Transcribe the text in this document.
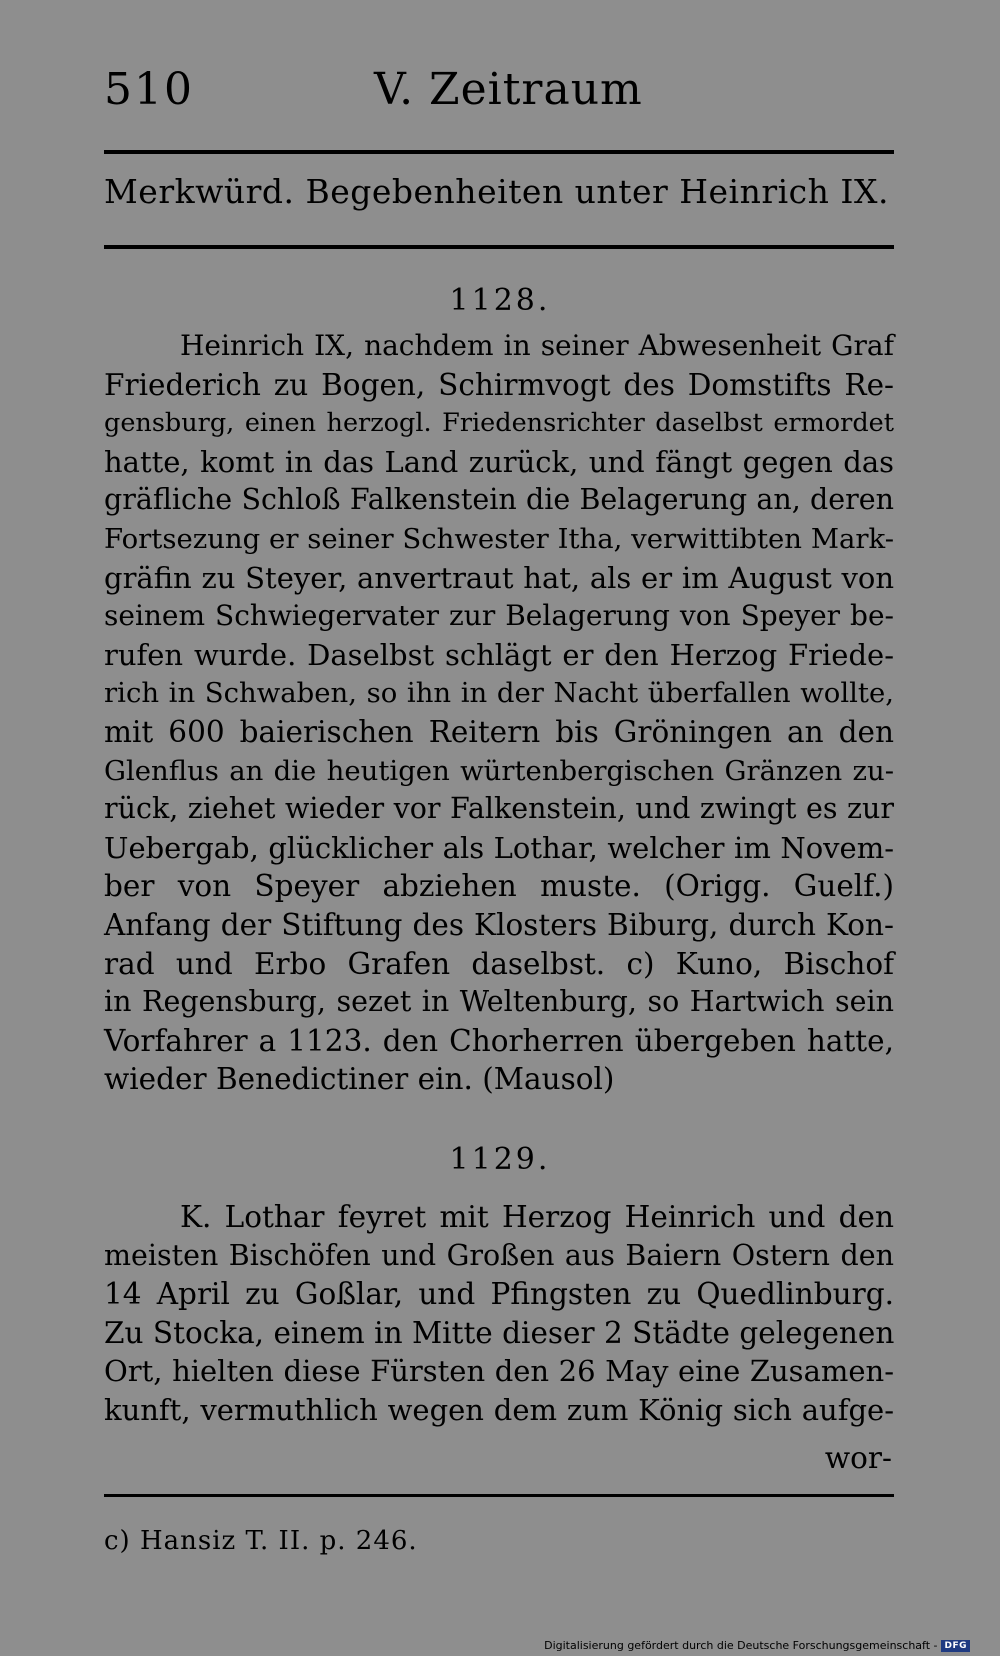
510	V. Zeitraum
Merkwürd. Begebenheiten unter Heinrich IX.
1128.
Heinrich IX, nachdem in seiner Abwesenheit Graf
Friederich zu Bogen, Schirmvogt des Domstifts Re-
gensburg, einen herzogl. Friedensrichter daselbst ermordet
hatte, komt in das Land zurück, und fängt gegen das
gräfliche Schloß Falkenstein die Belagerung an, deren
Fortsezung er seiner Schwester Itha, verwittibten Mark-
gräfin zu Steyer, anvertraut hat, als er im August von
seinem Schwiegervater zur Belagerung von Speyer be-
rufen wurde. Daselbst schlägt er den Herzog Friede-
rich in Schwaben, so ihn in der Nacht überfallen wollte,
mit 600 baierischen Reitern bis Gröningen an den
Glenflus an die heutigen würtenbergischen Gränzen zu-
rück, ziehet wieder vor Falkenstein, und zwingt es zur
Uebergab, glücklicher als Lothar, welcher im Novem-
ber von Speyer abziehen muste. (Origg. Guelf.)
Anfang der Stiftung des Klosters Biburg, durch Kon-
rad und Erbo Grafen daselbst. c) Kuno, Bischof
in Regensburg, sezet in Weltenburg, so Hartwich sein
Vorfahrer a 1123. den Chorherren übergeben hatte,
wieder Benedictiner ein. (Mausol)
1129.
K. Lothar feyret mit Herzog Heinrich und den
meisten Bischöfen und Großen aus Baiern Ostern den
14 April zu Goßlar, und Pfingsten zu Quedlinburg.
Zu Stocka, einem in Mitte dieser 2 Städte gelegenen
Ort, hielten diese Fürsten den 26 May eine Zusamen-
kunft, vermuthlich wegen dem zum König sich aufge-
wor-
c) Hansiz T. II. p. 246.
Digitalisierung gefördert durch die Deutsche Forschungsgemeinschaft - DFG
